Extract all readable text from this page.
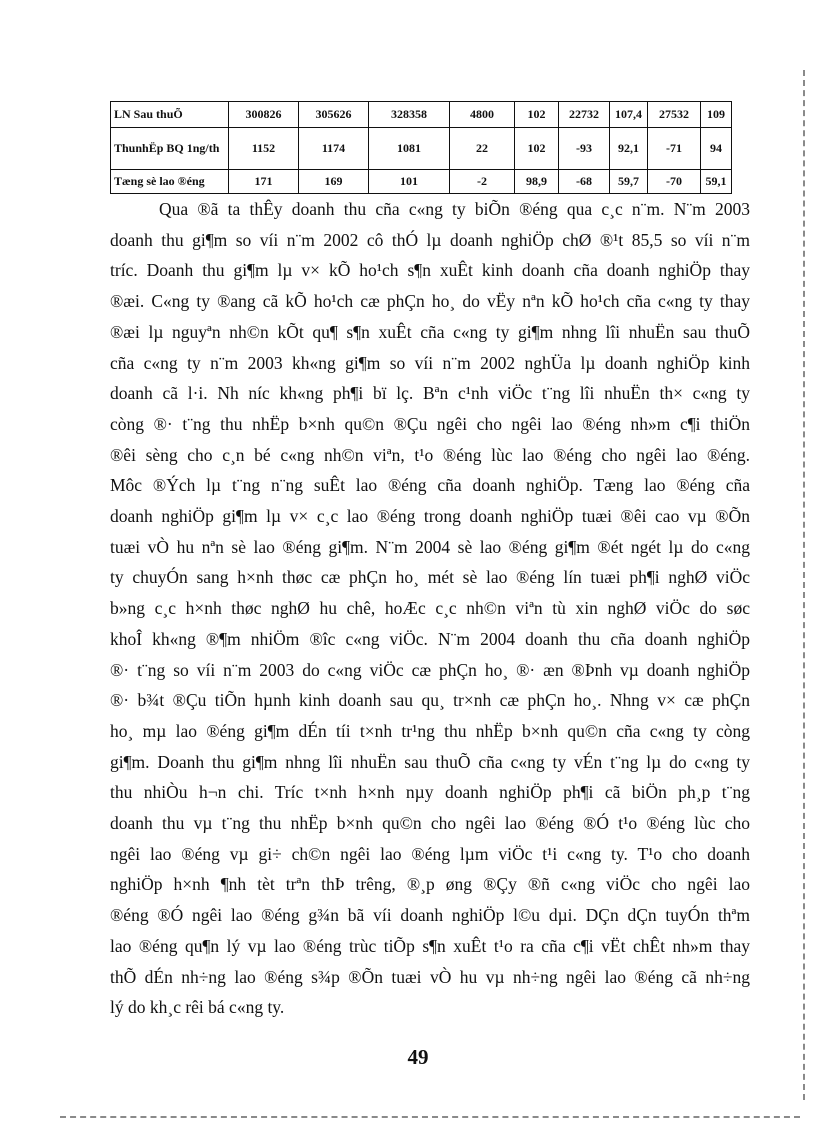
LN Sau thuÕ	300826	305626	328358	4800	102	22732	107,4	27532	109
ThunhËp BQ 1ng/th	1152	1174	1081	22	102	-93	92,1	-71	94
Tæng sè lao ®éng	171	169	101	-2	98,9	-68	59,7	-70	59,1

Qua ®ã ta thÊy doanh thu cña c«ng ty biÕn ®éng qua c¸c n¨m. N¨m 2003
doanh thu gi¶m so víi n¨m 2002 cô thÓ lµ doanh nghiÖp chØ ®¹t 85,5 so víi n¨m
tríc. Doanh thu gi¶m lµ v× kÕ ho¹ch s¶n xuÊt kinh doanh cña doanh nghiÖp thay
®æi. C«ng ty ®ang cã kÕ ho¹ch cæ phÇn ho¸ do vËy nªn kÕ ho¹ch cña c«ng ty thay
®æi lµ nguyªn nh©n kÕt qu¶ s¶n xuÊt cña c«ng ty gi¶m nhng lîi nhuËn sau thuÕ
cña c«ng ty n¨m 2003 kh«ng gi¶m so víi n¨m 2002 nghÜa lµ doanh nghiÖp kinh
doanh cã l·i. Nh níc kh«ng ph¶i bï lç. Bªn c¹nh viÖc t¨ng lîi nhuËn th× c«ng ty
còng ®· t¨ng thu nhËp b×nh qu©n ®Çu ngêi cho ngêi lao ®éng nh»m c¶i thiÖn
®êi sèng cho c¸n bé c«ng nh©n viªn, t¹o ®éng lùc lao ®éng cho ngêi lao ®éng.
Môc ®Ých lµ t¨ng n¨ng suÊt lao ®éng cña doanh nghiÖp. Tæng lao ®éng cña
doanh nghiÖp gi¶m lµ v× c¸c lao ®éng trong doanh nghiÖp tuæi ®êi cao vµ ®Õn
tuæi vÒ hu nªn sè lao ®éng gi¶m. N¨m 2004 sè lao ®éng gi¶m ®ét ngét lµ do c«ng
ty chuyÓn sang h×nh thøc cæ phÇn ho¸ mét sè lao ®éng lín tuæi ph¶i nghØ viÖc
b»ng c¸c h×nh thøc nghØ hu chê, hoÆc c¸c nh©n viªn tù xin nghØ viÖc do søc
khoÎ kh«ng ®¶m nhiÖm ®îc c«ng viÖc. N¨m 2004 doanh thu cña doanh nghiÖp
®· t¨ng so víi n¨m 2003 do c«ng viÖc cæ phÇn ho¸ ®· æn ®Þnh vµ doanh nghiÖp
®· b¾t ®Çu tiÕn hµnh kinh doanh sau qu¸ tr×nh cæ phÇn ho¸. Nhng v× cæ phÇn
ho¸ mµ lao ®éng gi¶m dÉn tíi t×nh tr¹ng thu nhËp b×nh qu©n cña c«ng ty còng
gi¶m. Doanh thu gi¶m nhng lîi nhuËn sau thuÕ cña c«ng ty vÉn t¨ng lµ do c«ng ty
thu nhiÒu h¬n chi. Tríc t×nh h×nh nµy doanh nghiÖp ph¶i cã biÖn ph¸p t¨ng
doanh thu vµ t¨ng thu nhËp b×nh qu©n cho ngêi lao ®éng ®Ó t¹o ®éng lùc cho
ngêi lao ®éng vµ gi÷ ch©n ngêi lao ®éng lµm viÖc t¹i c«ng ty. T¹o cho doanh
nghiÖp h×nh ¶nh tèt trªn thÞ trêng, ®¸p øng ®Çy ®ñ c«ng viÖc cho ngêi lao
®éng ®Ó ngêi lao ®éng g¾n bã víi doanh nghiÖp l©u dµi. DÇn dÇn tuyÓn thªm
lao ®éng qu¶n lý vµ lao ®éng trùc tiÕp s¶n xuÊt t¹o ra cña c¶i vËt chÊt nh»m thay
thÕ dÉn nh÷ng lao ®éng s¾p ®Õn tuæi vÒ hu vµ nh÷ng ngêi lao ®éng cã nh÷ng
lý do kh¸c rêi bá c«ng ty.

49
